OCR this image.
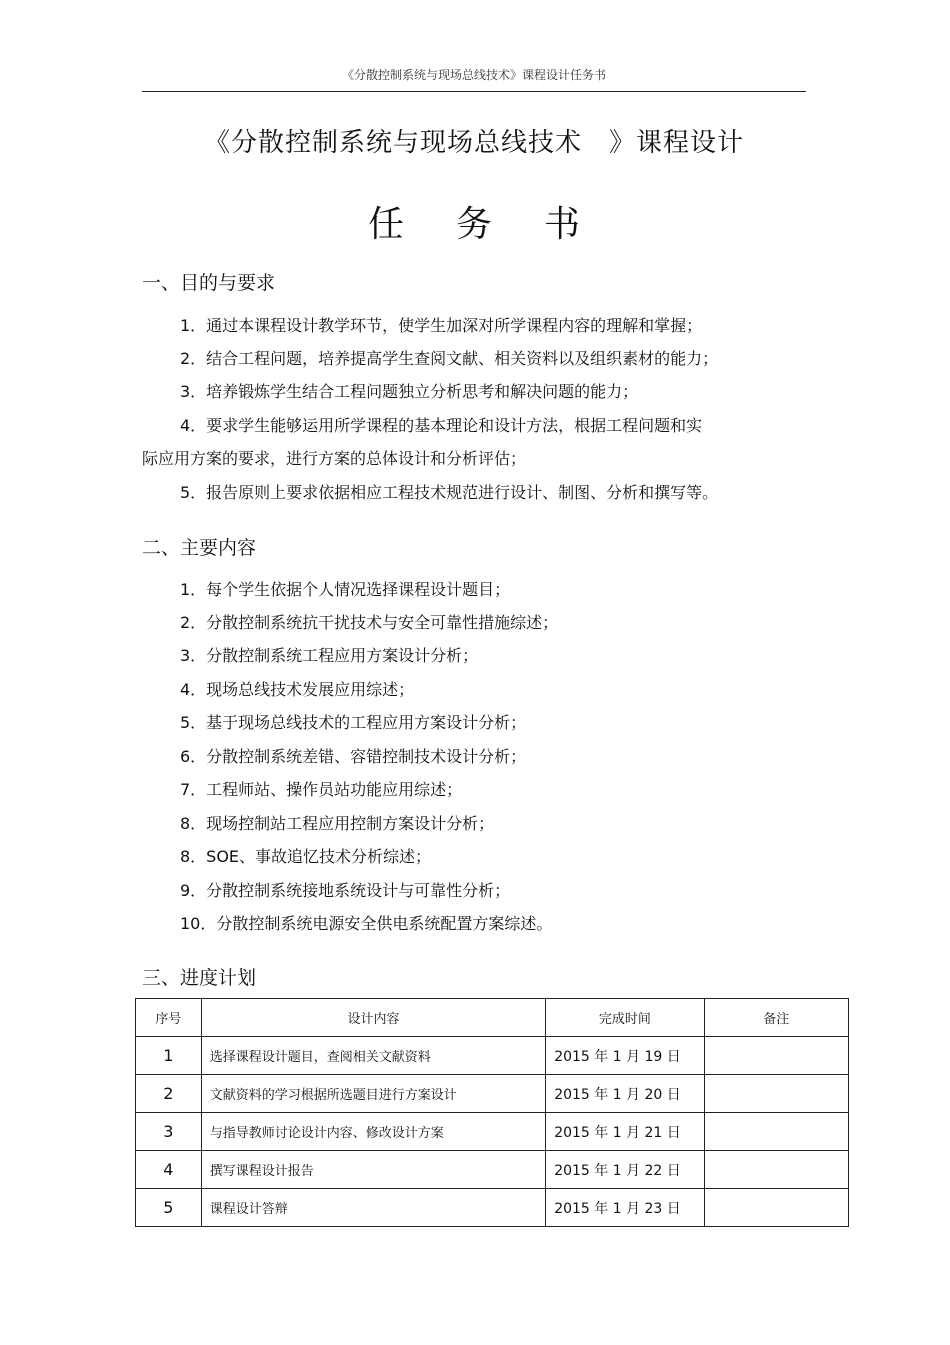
《分散控制系统与现场总线技术》课程设计任务书
《分散控制系统与现场总线技术　》课程设计
任务书
一、目的与要求
1．通过本课程设计教学环节，使学生加深对所学课程内容的理解和掌握；
2．结合工程问题，培养提高学生查阅文献、相关资料以及组织素材的能力；
3．培养锻炼学生结合工程问题独立分析思考和解决问题的能力；
4．要求学生能够运用所学课程的基本理论和设计方法，根据工程问题和实
际应用方案的要求，进行方案的总体设计和分析评估；
5．报告原则上要求依据相应工程技术规范进行设计、制图、分析和撰写等。
二、主要内容
1．每个学生依据个人情况选择课程设计题目；
2．分散控制系统抗干扰技术与安全可靠性措施综述；
3．分散控制系统工程应用方案设计分析；
4．现场总线技术发展应用综述；
5．基于现场总线技术的工程应用方案设计分析；
6．分散控制系统差错、容错控制技术设计分析；
7．工程师站、操作员站功能应用综述；
8．现场控制站工程应用控制方案设计分析；
8．SOE、事故追忆技术分析综述；
9．分散控制系统接地系统设计与可靠性分析；
10．分散控制系统电源安全供电系统配置方案综述。
三、进度计划
序号	设计内容	完成时间	备注
1	选择课程设计题目，查阅相关文献资料	2015 年 1 月 19 日	
2	文献资料的学习根据所选题目进行方案设计	2015 年 1 月 20 日	
3	与指导教师讨论设计内容、修改设计方案	2015 年 1 月 21 日	
4	撰写课程设计报告	2015 年 1 月 22 日	
5	课程设计答辩	2015 年 1 月 23 日	
